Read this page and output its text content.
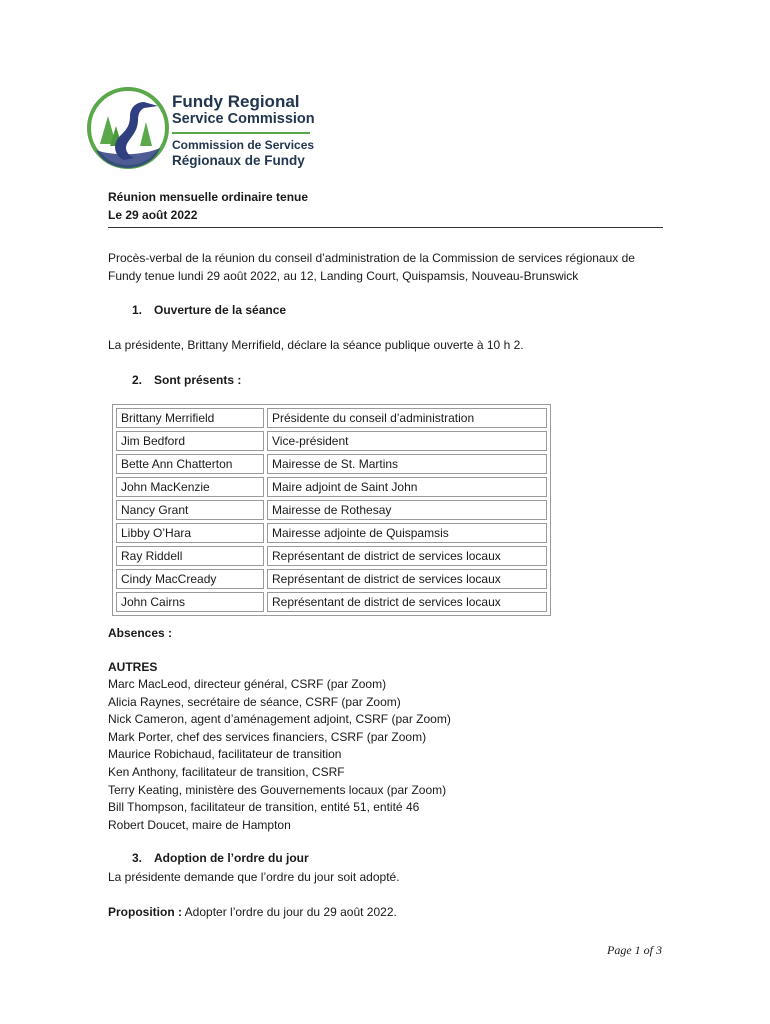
Fundy Regional
Service Commission
Commission de Services
Régionaux de Fundy
Réunion mensuelle ordinaire tenue
Le 29 août 2022
Procès-verbal de la réunion du conseil d’administration de la Commission de services régionaux de Fundy tenue lundi 29 août 2022, au 12, Landing Court, Quispamsis, Nouveau-Brunswick
1. Ouverture de la séance
La présidente, Brittany Merrifield, déclare la séance publique ouverte à 10 h 2.
2. Sont présents :
Brittany Merrifield	Présidente du conseil d’administration
Jim Bedford	Vice-président
Bette Ann Chatterton	Mairesse de St. Martins
John MacKenzie	Maire adjoint de Saint John
Nancy Grant	Mairesse de Rothesay
Libby O’Hara	Mairesse adjointe de Quispamsis
Ray Riddell	Représentant de district de services locaux
Cindy MacCready	Représentant de district de services locaux
John Cairns	Représentant de district de services locaux
Absences :
AUTRES
Marc MacLeod, directeur général, CSRF (par Zoom)
Alicia Raynes, secrétaire de séance, CSRF (par Zoom)
Nick Cameron, agent d’aménagement adjoint, CSRF (par Zoom)
Mark Porter, chef des services financiers, CSRF (par Zoom)
Maurice Robichaud, facilitateur de transition
Ken Anthony, facilitateur de transition, CSRF
Terry Keating, ministère des Gouvernements locaux (par Zoom)
Bill Thompson, facilitateur de transition, entité 51, entité 46
Robert Doucet, maire de Hampton
3. Adoption de l’ordre du jour
La présidente demande que l’ordre du jour soit adopté.
Proposition : Adopter l’ordre du jour du 29 août 2022.
Page 1 of 3
